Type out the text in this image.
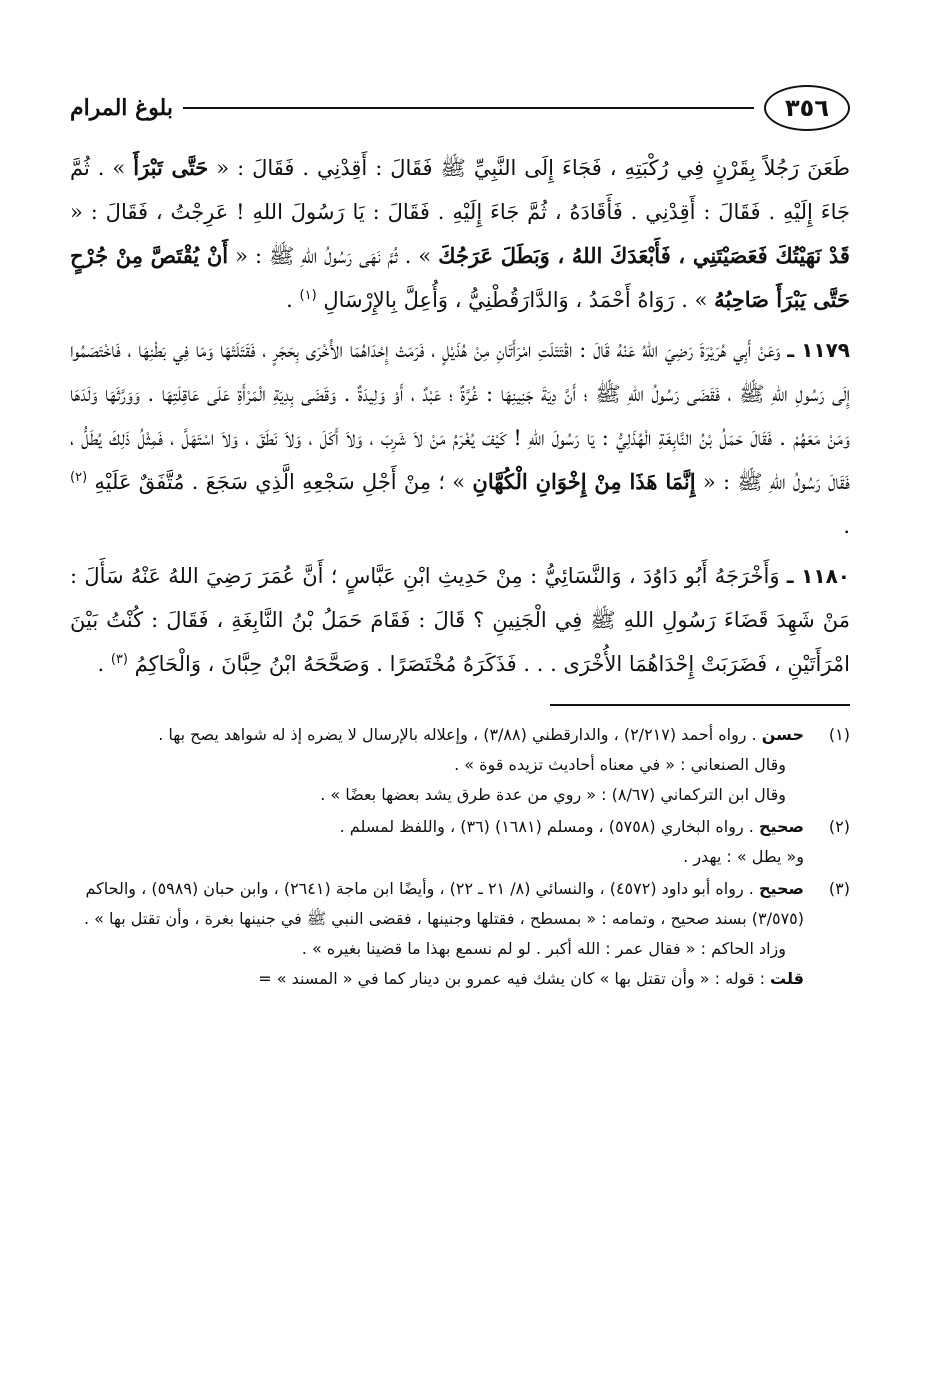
٣٥٦
بلوغ المرام

طَعَنَ رَجُلاً بِقَرْنٍ فِي رُكْبَتِهِ ، فَجَاءَ إِلَى النَّبِيِّ ﷺ فَقَالَ : أَقِدْنِي . فَقَالَ : « حَتَّى تَبْرَأَ » . ثُمَّ جَاءَ إِلَيْهِ . فَقَالَ : أَقِدْنِي . فَأَقَادَهُ ، ثُمَّ جَاءَ إِلَيْهِ . فَقَالَ : يَا رَسُولَ اللهِ ! عَرِجْتُ ، فَقَالَ : « قَدْ نَهَيْتُكَ فَعَصَيْتَنِي ، فَأَبْعَدَكَ اللهُ ، وَبَطَلَ عَرَجُكَ » . ثُمَّ نَهَى رَسُولُ اللهِ ﷺ : « أَنْ يُقْتَصَّ مِنْ جُرْحٍ حَتَّى يَبْرَأَ صَاحِبُهُ » . رَوَاهُ أَحْمَدُ ، وَالدَّارَقُطْنِيُّ ، وَأُعِلَّ بِالإِرْسَالِ $^{(١)}$ .

١١٧٩ ـ وَعَنْ أَبِي هُرَيْرَةَ رَضِيَ اللهُ عَنْهُ قَالَ : اقْتَتَلَتِ امْرَأَتَانِ مِنْ هُذَيْلٍ ، فَرَمَتْ إِحْدَاهُمَا الأُخْرَى بِحَجَرٍ ، فَقَتَلَتْهَا وَمَا فِي بَطْنِهَا ، فَاخْتَصَمُوا إِلَى رَسُولِ اللهِ ﷺ ، فَقَضَى رَسُولُ اللهِ ﷺ ؛ أَنَّ دِيَةَ جَنِينِهَا : غُرَّةٌ ؛ عَبْدٌ ، أَوْ وَلِيدَةٌ . وَقَضَى بِدِيَةِ الْمَرْأَةِ عَلَى عَاقِلَتِهَا . وَوَرَّثَهَا وَلَدَهَا وَمَنْ مَعَهُمْ . فَقَالَ حَمَلُ بْنُ النَّابِغَةِ الْهُذَلِيُّ : يَا رَسُولَ اللهِ ! كَيْفَ يُغْرَمُ مَنْ لاَ شَرِبَ ، وَلاَ أَكَلَ ، وَلاَ نَطَقَ ، وَلاَ اسْتَهَلَّ ، فَمِثْلُ ذَلِكَ يُطَلُّ ، فَقَالَ رَسُولُ اللهِ ﷺ : « إِنَّمَا هَذَا مِنْ إِخْوَانِ الْكُهَّانِ » ؛ مِنْ أَجْلِ سَجْعِهِ الَّذِي سَجَعَ . مُتَّفَقٌ عَلَيْهِ $^{(٢)}$ .

١١٨٠ ـ وَأَخْرَجَهُ أَبُو دَاوُدَ ، وَالنَّسَائِيُّ : مِنْ حَدِيثِ ابْنِ عَبَّاسٍ ؛ أَنَّ عُمَرَ رَضِيَ اللهُ عَنْهُ سَأَلَ : مَنْ شَهِدَ قَضَاءَ رَسُولِ اللهِ ﷺ فِي الْجَنِينِ ؟ قَالَ : فَقَامَ حَمَلُ بْنُ النَّابِغَةِ ، فَقَالَ : كُنْتُ بَيْنَ امْرَأَتَيْنِ ، فَضَرَبَتْ إِحْدَاهُمَا الأُخْرَى . . . فَذَكَرَهُ مُخْتَصَرًا . وَصَحَّحَهُ ابْنُ حِبَّانَ ، وَالْحَاكِمُ $^{(٣)}$ .

(١)
حسن . رواه أحمد (٢/٢١٧) ، والدارقطني (٣/٨٨) ، وإعلاله بالإرسال لا يضره إذ له شواهد يصح بها .
وقال الصنعاني : « في معناه أحاديث تزيده قوة » .
وقال ابن التركماني (٨/٦٧) : « روي من عدة طرق يشد بعضها بعضًا » .
(٢)
صحيح . رواه البخاري (٥٧٥٨) ، ومسلم (١٦٨١) (٣٦) ، واللفظ لمسلم .
و« يطل » : يهدر .
(٣)
صحيح . رواه أبو داود (٤٥٧٢) ، والنسائي (٨/ ٢١ ـ ٢٢) ، وأيضًا ابن ماجة (٢٦٤١) ، وابن حبان (٥٩٨٩) ، والحاكم (٣/٥٧٥) بسند صحيح ، وتمامه : « بمسطح ، فقتلها وجنينها ، فقضى النبي ﷺ في جنينها بغرة ، وأن تقتل بها » .
وزاد الحاكم : « فقال عمر : الله أكبر . لو لم نسمع بهذا ما قضينا بغيره » .
قلت : قوله : « وأن تقتل بها » كان يشك فيه عمرو بن دينار كما في « المسند » =
